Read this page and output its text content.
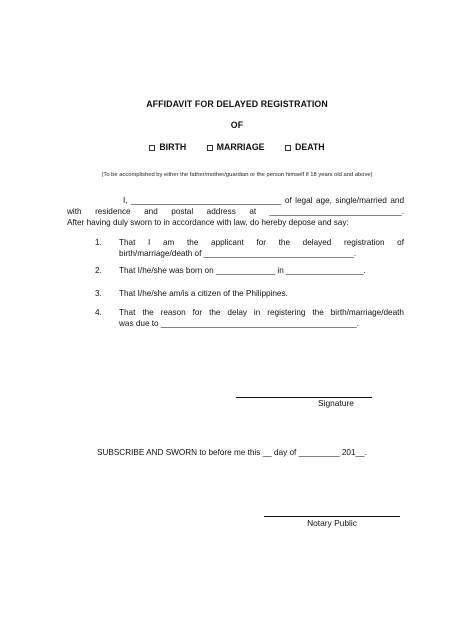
AFFIDAVIT FOR DELAYED REGISTRATION
OF
BIRTH	MARRIAGE	DEATH
(To be accomplished by either the father/mother/guardian or the person himself if 18 years old and above)
I, _________________________________ of legal age, single/married and
with residence and postal address at _____________________________.
After having duly sworn to in accordance with law, do hereby depose and say:
1. That I am the applicant for the delayed registration of
birth/marriage/death of _________________________________.
2. That I/he/she was born on _____________ in _________________.
3. That I/he/she am/is a citizen of the Philippines.
4. That the reason for the delay in registering the birth/marriage/death
was due to ___________________________________________.
Signature
SUBSCRIBE AND SWORN to before me this __ day of _________ 201__.
Notary Public
